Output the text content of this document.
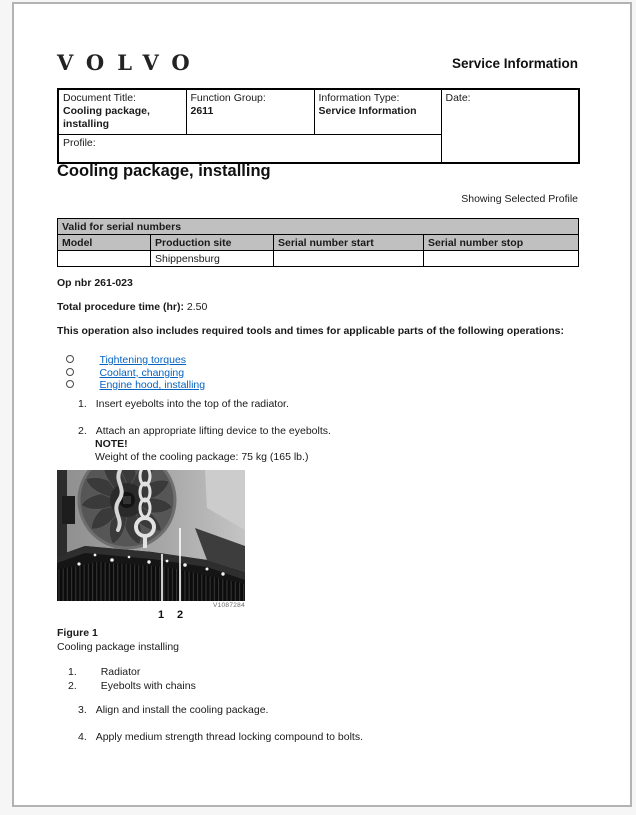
VOLVO	Service Information
Document Title:
Cooling package, installing

Function Group:
2611

Information Type:
Service Information

Date:

Profile:
Cooling package, installing
Showing Selected Profile
Valid for serial numbers			
Model	Production site	Serial number start	Serial number stop
	Shippensburg		
Op nbr 261-023
Total procedure time (hr): 2.50
This operation also includes required tools and times for applicable parts of the following operations:
Tightening torques
Coolant, changing
Engine hood, installing
1. Insert eyebolts into the top of the radiator.
2. Attach an appropriate lifting device to the eyebolts.
NOTE!
Weight of the cooling package: 75 kg (165 lb.)
V1087284
1 2
Figure 1
Cooling package installing
1. Radiator
2. Eyebolts with chains
3. Align and install the cooling package.
4. Apply medium strength thread locking compound to bolts.
